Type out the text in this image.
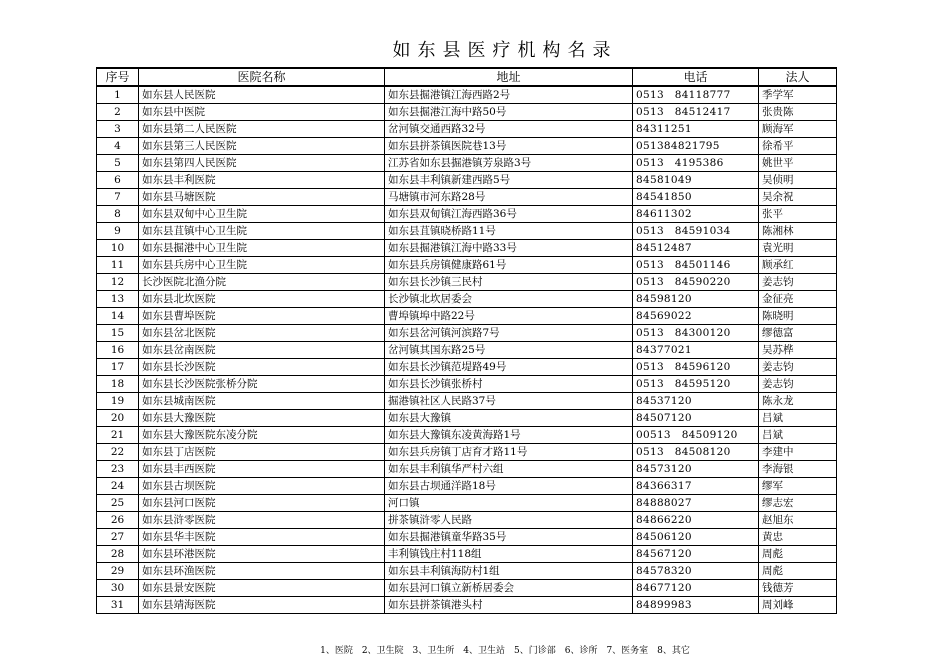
如东县医疗机构名录
序号	医院名称	地址	电话	法人
1	如东县人民医院	如东县掘港镇江海西路2号	0513　84118777	季学军
2	如东县中医院	如东县掘港江海中路50号	0513　84512417	张贵陈
3	如东县第二人民医院	岔河镇交通西路32号	84311251	顾海军
4	如东县第三人民医院	如东县拼茶镇医院巷13号	051384821795	徐希平
5	如东县第四人民医院	江苏省如东县掘港镇芳泉路3号	0513　4195386	姚世平
6	如东县丰利医院	如东县丰利镇新建西路5号	84581049	吴侦明
7	如东县马塘医院	马塘镇市河东路28号	84541850	吴余祝
8	如东县双甸中心卫生院	如东县双甸镇江海西路36号	84611302	张平
9	如东县苴镇中心卫生院	如东县苴镇晓桥路11号	0513　84591034	陈湘林
10	如东县掘港中心卫生院	如东县掘港镇江海中路33号	84512487	袁光明
11	如东县兵房中心卫生院	如东县兵房镇健康路61号	0513　84501146	顾承红
12	长沙医院北渔分院	如东县长沙镇三民村	0513　84590220	姜志钧
13	如东县北坎医院	长沙镇北坎居委会	84598120	金征亮
14	如东县曹埠医院	曹埠镇埠中路22号	84569022	陈晓明
15	如东县岔北医院	如东县岔河镇河滨路7号	0513　84300120	缪德富
16	如东县岔南医院	岔河镇其国东路25号	84377021	吴苏桦
17	如东县长沙医院	如东县长沙镇范堤路49号	0513　84596120	姜志钧
18	如东县长沙医院张桥分院	如东县长沙镇张桥村	0513　84595120	姜志钧
19	如东县城南医院	掘港镇社区人民路37号	84537120	陈永龙
20	如东县大豫医院	如东县大豫镇	84507120	吕斌
21	如东县大豫医院东凌分院	如东县大豫镇东凌黄海路1号	00513　84509120	吕斌
22	如东县丁店医院	如东县兵房镇丁店育才路11号	0513　84508120	李建中
23	如东县丰西医院	如东县丰利镇华严村六组	84573120	李海银
24	如东县古坝医院	如东县古坝通洋路18号	84366317	缪军
25	如东县河口医院	河口镇	84888027	缪志宏
26	如东县浒零医院	拼茶镇浒零人民路	84866220	赵旭东
27	如东县华丰医院	如东县掘港镇童华路35号	84506120	黄忠
28	如东县环港医院	丰利镇钱庄村118组	84567120	周彪
29	如东县环渔医院	如东县丰利镇海防村1组	84578320	周彪
30	如东县景安医院	如东县河口镇立新桥居委会	84677120	钱德芳
31	如东县靖海医院	如东县拼茶镇港头村	84899983	周刘峰
1、医院　2、卫生院　3、卫生所　4、卫生站　5、门诊部　6、诊所　7、医务室　8、其它
